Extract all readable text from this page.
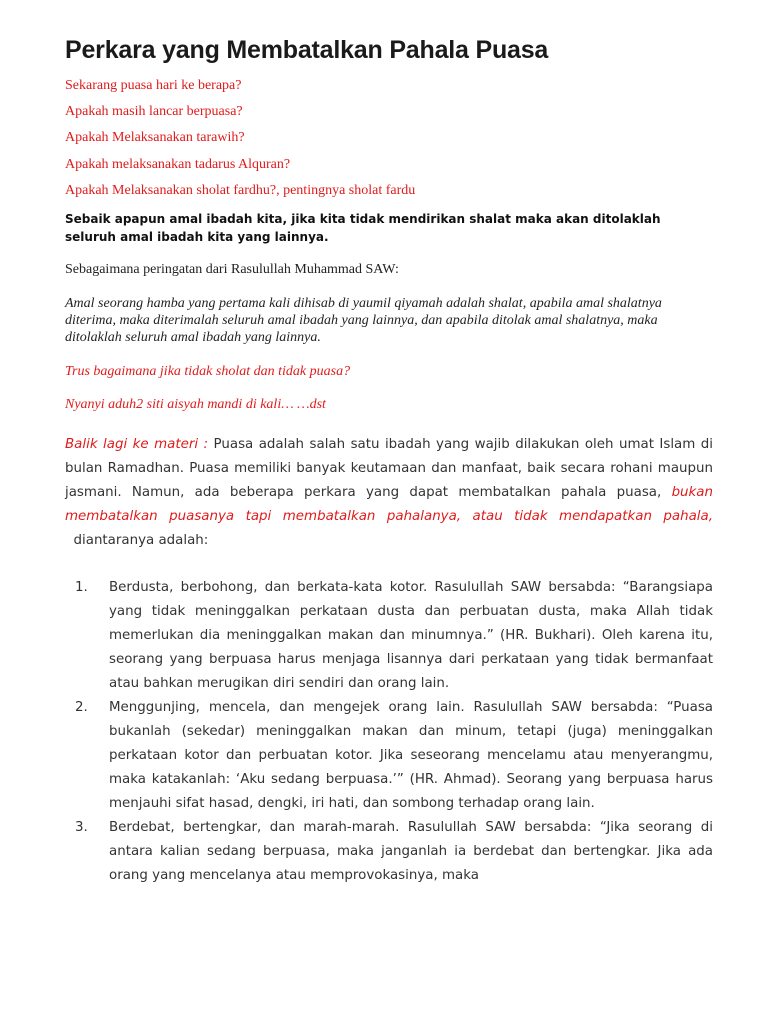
Perkara yang Membatalkan Pahala Puasa
Sekarang puasa hari ke berapa?
Apakah masih lancar berpuasa?
Apakah Melaksanakan tarawih?
Apakah melaksanakan tadarus Alquran?
Apakah Melaksanakan sholat fardhu?, pentingnya sholat fardu
Sebaik apapun amal ibadah kita, jika kita tidak mendirikan shalat maka akan ditolaklah seluruh amal ibadah kita yang lainnya.
Sebagaimana peringatan dari Rasulullah Muhammad SAW:
Amal seorang hamba yang pertama kali dihisab di yaumil qiyamah adalah shalat, apabila amal shalatnya diterima, maka diterimalah seluruh amal ibadah yang lainnya, dan apabila ditolak amal shalatnya, maka ditolaklah seluruh amal ibadah yang lainnya.
Trus bagaimana jika tidak sholat dan tidak puasa?
Nyanyi aduh2 siti aisyah mandi di kali… …dst
Balik lagi ke materi : Puasa adalah salah satu ibadah yang wajib dilakukan oleh umat Islam di bulan Ramadhan. Puasa memiliki banyak keutamaan dan manfaat, baik secara rohani maupun jasmani. Namun, ada beberapa perkara yang dapat membatalkan pahala puasa, bukan membatalkan puasanya tapi membatalkan pahalanya, atau tidak mendapatkan pahala,  diantaranya adalah:
1. Berdusta, berbohong, dan berkata-kata kotor. Rasulullah SAW bersabda: “Barangsiapa yang tidak meninggalkan perkataan dusta dan perbuatan dusta, maka Allah tidak memerlukan dia meninggalkan makan dan minumnya.” (HR. Bukhari). Oleh karena itu, seorang yang berpuasa harus menjaga lisannya dari perkataan yang tidak bermanfaat atau bahkan merugikan diri sendiri dan orang lain.
2. Menggunjing, mencela, dan mengejek orang lain. Rasulullah SAW bersabda: “Puasa bukanlah (sekedar) meninggalkan makan dan minum, tetapi (juga) meninggalkan perkataan kotor dan perbuatan kotor. Jika seseorang mencelamu atau menyerangmu, maka katakanlah: ‘Aku sedang berpuasa.’” (HR. Ahmad). Seorang yang berpuasa harus menjauhi sifat hasad, dengki, iri hati, dan sombong terhadap orang lain.
3. Berdebat, bertengkar, dan marah-marah. Rasulullah SAW bersabda: “Jika seorang di antara kalian sedang berpuasa, maka janganlah ia berdebat dan bertengkar. Jika ada orang yang mencelanya atau memprovokasinya, maka
